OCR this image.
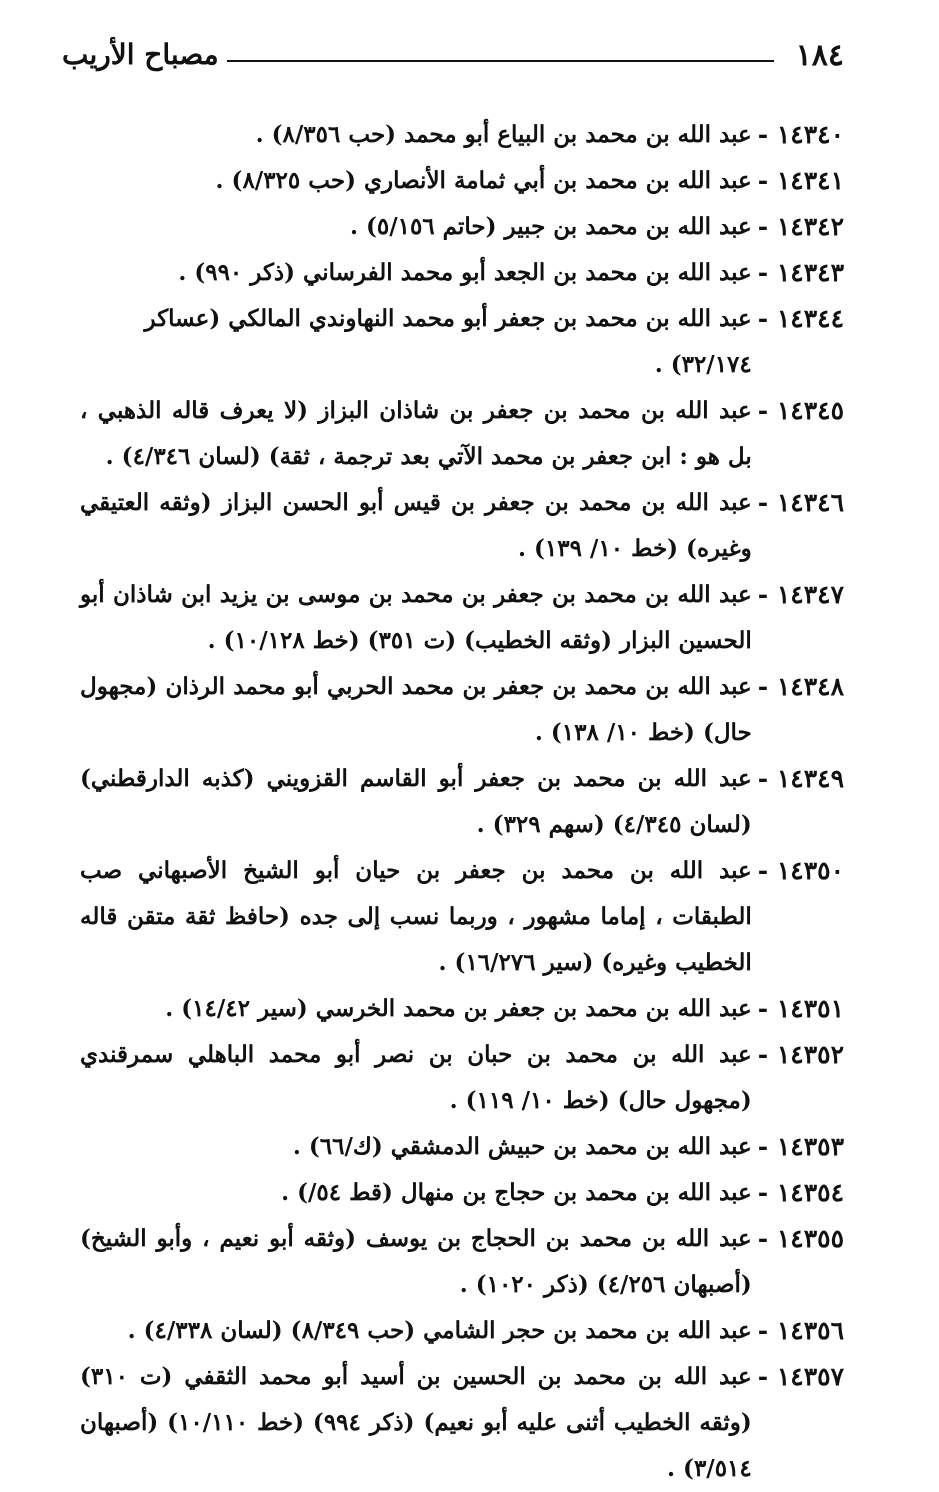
١٨٤
مصباح الأريب
١٤٣٤٠ -
عبد الله بن محمد بن البياع أبو محمد (حب ٨/٣٥٦) .
١٤٣٤١ -
عبد الله بن محمد بن أبي ثمامة الأنصاري (حب ٨/٣٢٥) .
١٤٣٤٢ -
عبد الله بن محمد بن جبير (حاتم ٥/١٥٦) .
١٤٣٤٣ -
عبد الله بن محمد بن الجعد أبو محمد الفرساني (ذكر ٩٩٠) .
١٤٣٤٤ -
عبد الله بن محمد بن جعفر أبو محمد النهاوندي المالكي (عساكر ٣٢/١٧٤) .
١٤٣٤٥ -
عبد الله بن محمد بن جعفر بن شاذان البزاز (لا يعرف قاله الذهبي ، بل هو : ابن جعفر بن محمد الآتي بعد ترجمة ، ثقة) (لسان ٤/٣٤٦) .
١٤٣٤٦ -
عبد الله بن محمد بن جعفر بن قيس أبو الحسن البزاز (وثقه العتيقي وغيره) (خط ١٠/ ١٣٩) .
١٤٣٤٧ -
عبد الله بن محمد بن جعفر بن محمد بن موسى بن يزيد ابن شاذان أبو الحسين البزار (وثقه الخطيب) (ت ٣٥١) (خط ١٠/١٢٨) .
١٤٣٤٨ -
عبد الله بن محمد بن جعفر بن محمد الحربي أبو محمد الرذان (مجهول حال) (خط ١٠/ ١٣٨) .
١٤٣٤٩ -
عبد الله بن محمد بن جعفر أبو القاسم القزويني (كذبه الدارقطني) (لسان ٤/٣٤٥) (سهم ٣٢٩) .
١٤٣٥٠ -
عبد الله بن محمد بن جعفر بن حيان أبو الشيخ الأصبهاني صب الطبقات ، إماما مشهور ، وربما نسب إلى جده (حافظ ثقة متقن قاله الخطيب وغيره) (سير ١٦/٢٧٦) .
١٤٣٥١ -
عبد الله بن محمد بن جعفر بن محمد الخرسي (سير ١٤/٤٢) .
١٤٣٥٢ -
عبد الله بن محمد بن حبان بن نصر أبو محمد الباهلي سمرقندي (مجهول حال) (خط ١٠/ ١١٩) .
١٤٣٥٣ -
عبد الله بن محمد بن حبيش الدمشقي (ك/٦٦) .
١٤٣٥٤ -
عبد الله بن محمد بن حجاج بن منهال (قط ٥٤/) .
١٤٣٥٥ -
عبد الله بن محمد بن الحجاج بن يوسف (وثقه أبو نعيم ، وأبو الشيخ) (أصبهان ٤/٢٥٦) (ذكر ١٠٢٠) .
١٤٣٥٦ -
عبد الله بن محمد بن حجر الشامي (حب ٨/٣٤٩) (لسان ٤/٣٣٨) .
١٤٣٥٧ -
عبد الله بن محمد بن الحسين بن أسيد أبو محمد الثقفي (ت ٣١٠) (وثقه الخطيب أثنى عليه أبو نعيم) (ذكر ٩٩٤) (خط ١٠/١١٠) (أصبهان ٣/٥١٤) .
